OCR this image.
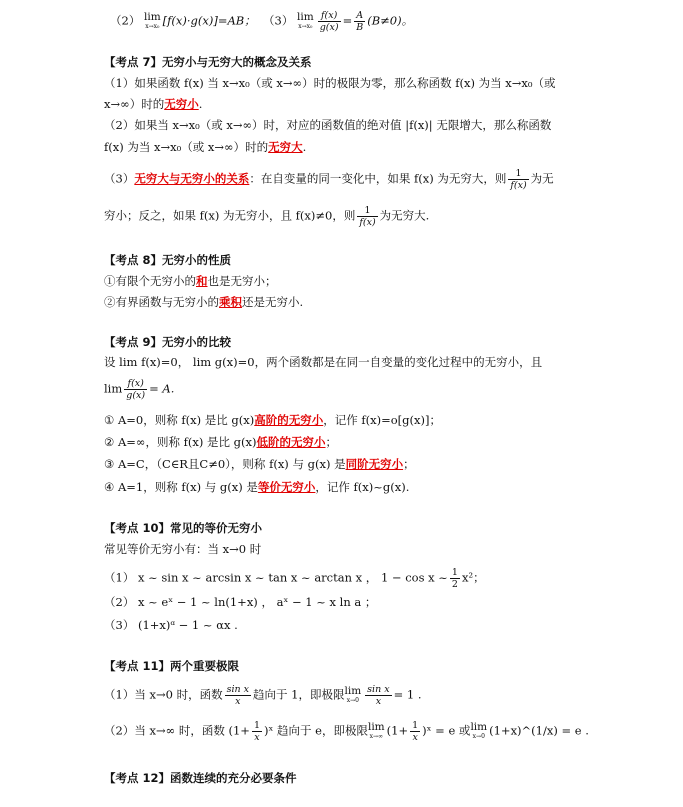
（2） lim
x→x₀ [f(x)·g(x)]=AB； （3） lim
$x\to x_0 \frac{f(x)}{g(x)} = \frac{A}{B} (B\ne 0)$。
【考点 7】无穷小与无穷大的概念及关系
（1）如果函数 f(x) 当 x→x₀（或 x→∞）时的极限为零，那么称函数 f(x) 为当 x→x₀（或
x→∞）时的无穷小.
（2）如果当 x→x₀（或 x→∞）时，对应的函数值的绝对值 |f(x)| 无限增大，那么称函数
f(x) 为当 x→x₀（或 x→∞）时的无穷大.
（3）无穷大与无穷小的关系：在自变量的同一变化中，如果 f(x) 为无穷大，则 $\frac{1}{f(x)}$ 为无
穷小；反之，如果 f(x) 为无穷小，且 f(x)≠0，则 $\frac{1}{f(x)}$ 为无穷大.
【考点 8】无穷小的性质
①有限个无穷小的和也是无穷小；
②有界函数与无穷小的乘积还是无穷小.
【考点 9】无穷小的比较
设 lim f(x)=0， lim g(x)=0，两个函数都是在同一自变量的变化过程中的无穷小，且
$\lim \frac{f(x)}{g(x)} = A$.
① A=0，则称 f(x) 是比 g(x)高阶的无穷小，记作 f(x)=o[g(x)]；
② A=∞，则称 f(x) 是比 g(x)低阶的无穷小；
③ A=C，（C∈R且C≠0），则称 f(x) 与 g(x) 是同阶无穷小；
④ A=1，则称 f(x) 与 g(x) 是等价无穷小，记作 f(x)~g(x).
【考点 10】常见的等价无穷小
常见等价无穷小有：当 x→0 时
（1） x ~ sin x ~ arcsin x ~ tan x ~ arctan x ， 1 − cos x ~ $\frac{1}{2} x^2$；
（2） x ~ eˣ − 1 ~ ln(1+x) ， aˣ − 1 ~ x ln a ；
（3） (1+x)ᵅ − 1 ~ αx .
【考点 11】两个重要极限
（1）当 x→0 时，函数 $\frac{\text{sin x}}{x}$ 趋向于 1，即极限 lim
$x\to 0 \frac{\text{sin x}}{x} = 1$ .
（2）当 x→∞ 时，函数 ($1+ \frac{1}{x}$ )ˣ 趋向于 e，即极限 lim
x→∞ ($1+ \frac{1}{x}$ )ˣ = e 或 lim
x→0 (1+x)^(1/x) = e .
【考点 12】函数连续的充分必要条件
